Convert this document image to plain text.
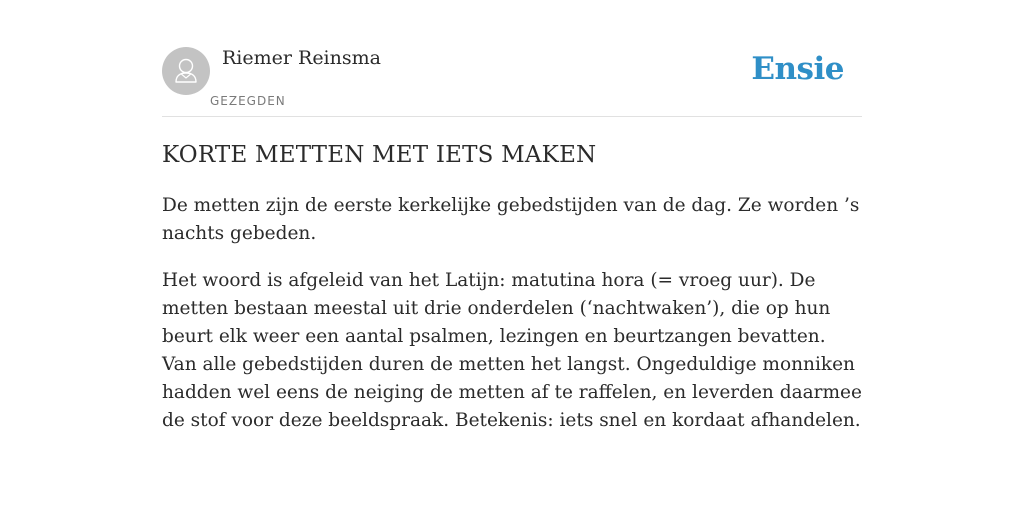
Riemer Reinsma
GEZEGDEN
Ensie
KORTE METTEN MET IETS MAKEN

De metten zijn de eerste kerkelijke gebedstijden van de dag. Ze worden ’s nachts gebeden.

Het woord is afgeleid van het Latijn: matutina hora (= vroeg uur). De metten bestaan meestal uit drie onderdelen (‘nachtwaken’), die op hun beurt elk weer een aantal psalmen, lezingen en beurtzangen bevatten. Van alle gebedstijden duren de metten het langst. Ongeduldige monniken hadden wel eens de neiging de metten af te raffelen, en leverden daarmee de stof voor deze beeldspraak. Betekenis: iets snel en kordaat afhandelen.
